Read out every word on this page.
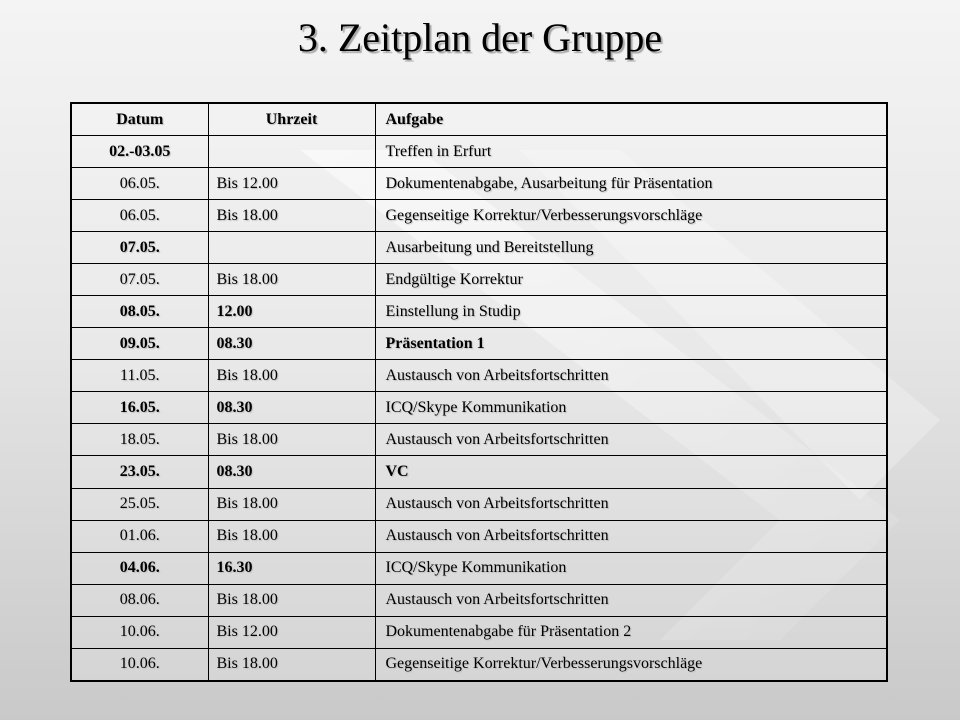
3. Zeitplan der Gruppe
Datum	Uhrzeit	Aufgabe
02.-03.05		Treffen in Erfurt
06.05.	Bis 12.00	Dokumentenabgabe, Ausarbeitung für Präsentation
06.05.	Bis 18.00	Gegenseitige Korrektur/Verbesserungsvorschläge
07.05.		Ausarbeitung und Bereitstellung
07.05.	Bis 18.00	Endgültige Korrektur
08.05.	12.00	Einstellung in Studip
09.05.	08.30	Präsentation 1
11.05.	Bis 18.00	Austausch von Arbeitsfortschritten
16.05.	08.30	ICQ/Skype Kommunikation
18.05.	Bis 18.00	Austausch von Arbeitsfortschritten
23.05.	08.30	VC
25.05.	Bis 18.00	Austausch von Arbeitsfortschritten
01.06.	Bis 18.00	Austausch von Arbeitsfortschritten
04.06.	16.30	ICQ/Skype Kommunikation
08.06.	Bis 18.00	Austausch von Arbeitsfortschritten
10.06.	Bis 12.00	Dokumentenabgabe für Präsentation 2
10.06.	Bis 18.00	Gegenseitige Korrektur/Verbesserungsvorschläge
